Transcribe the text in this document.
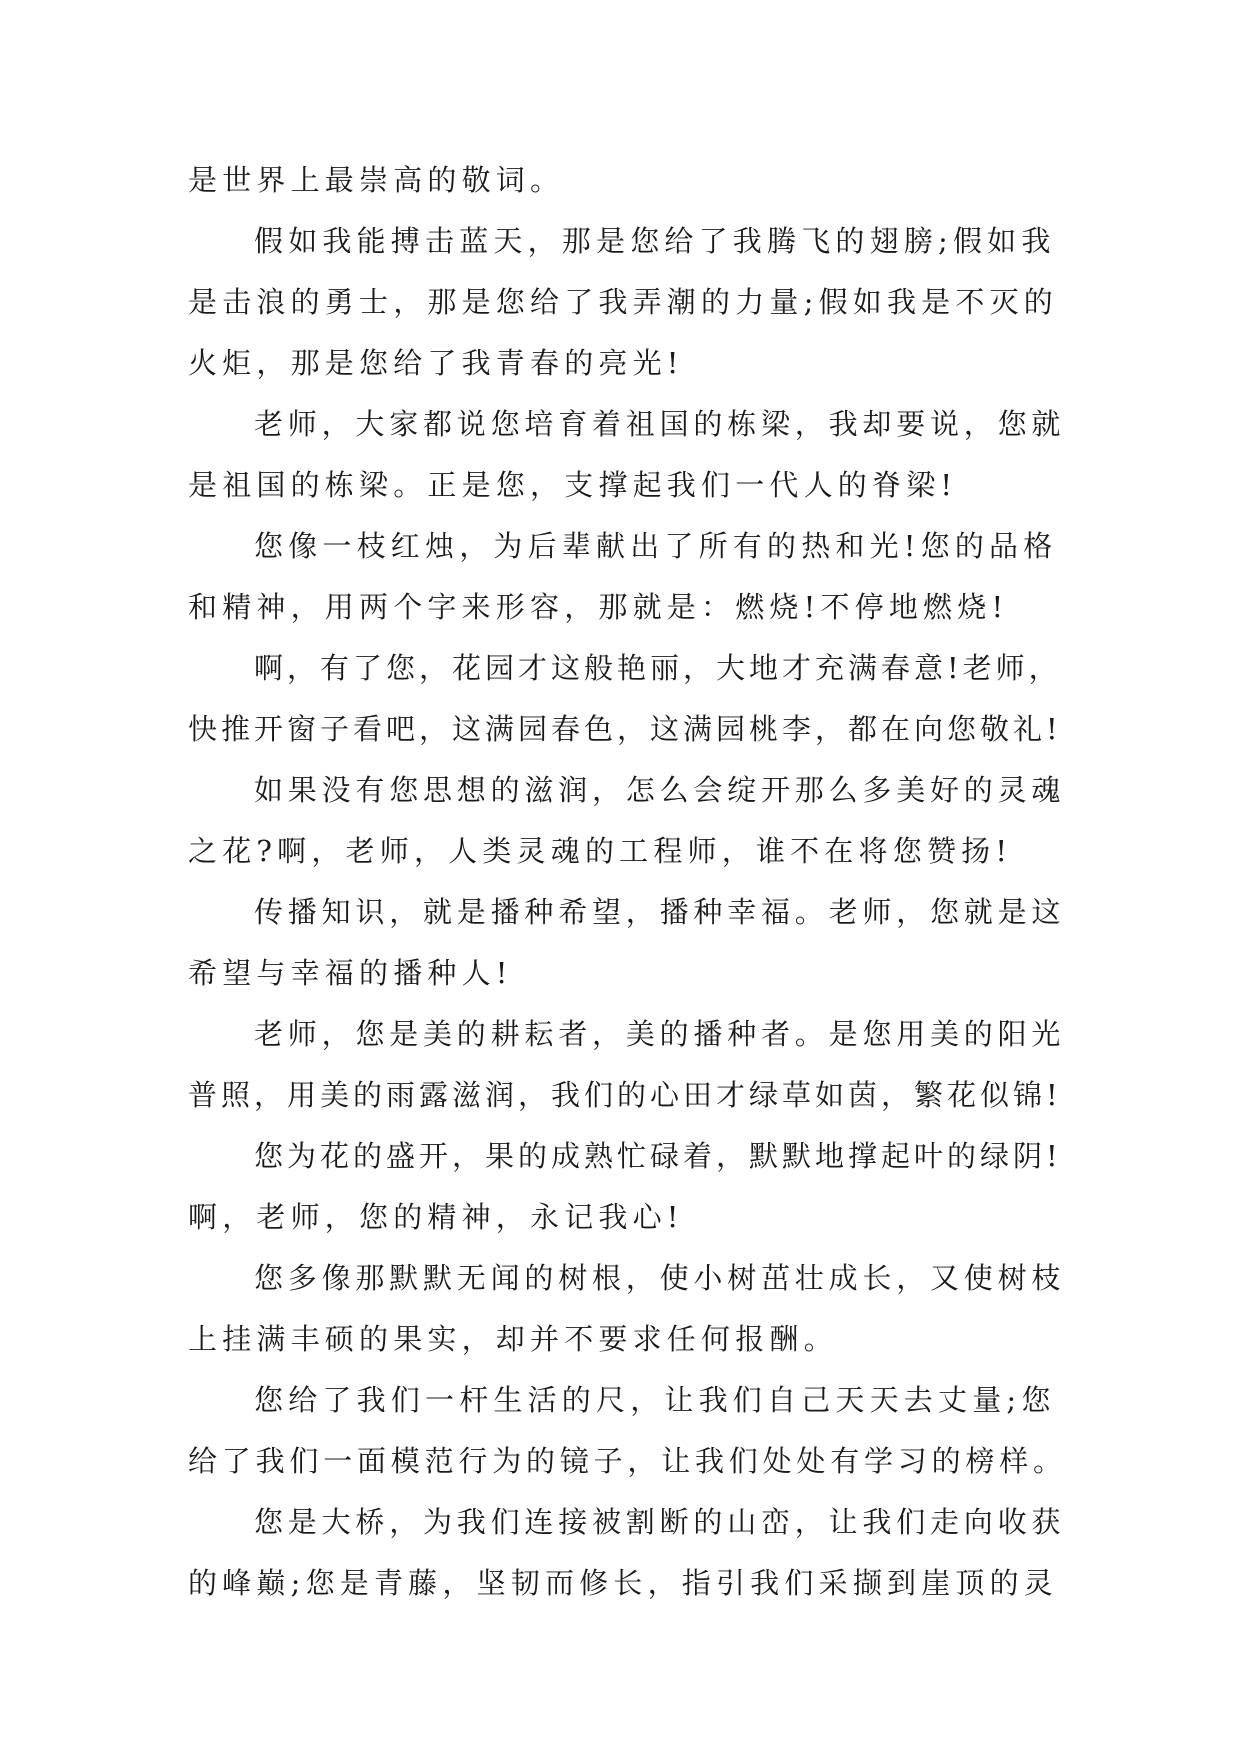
是世界上最崇高的敬词。
假如我能搏击蓝天，那是您给了我腾飞的翅膀;假如我
是击浪的勇士，那是您给了我弄潮的力量;假如我是不灭的
火炬，那是您给了我青春的亮光!
老师，大家都说您培育着祖国的栋梁，我却要说，您就
是祖国的栋梁。正是您，支撑起我们一代人的脊梁!
您像一枝红烛，为后辈献出了所有的热和光!您的品格
和精神，用两个字来形容，那就是：燃烧!不停地燃烧!
啊，有了您，花园才这般艳丽，大地才充满春意!老师，
快推开窗子看吧，这满园春色，这满园桃李，都在向您敬礼!
如果没有您思想的滋润，怎么会绽开那么多美好的灵魂
之花?啊，老师，人类灵魂的工程师，谁不在将您赞扬!
传播知识，就是播种希望，播种幸福。老师，您就是这
希望与幸福的播种人!
老师，您是美的耕耘者，美的播种者。是您用美的阳光
普照，用美的雨露滋润，我们的心田才绿草如茵，繁花似锦!
您为花的盛开，果的成熟忙碌着，默默地撑起叶的绿阴!
啊，老师，您的精神，永记我心!
您多像那默默无闻的树根，使小树茁壮成长，又使树枝
上挂满丰硕的果实，却并不要求任何报酬。
您给了我们一杆生活的尺，让我们自己天天去丈量;您
给了我们一面模范行为的镜子，让我们处处有学习的榜样。
您是大桥，为我们连接被割断的山峦，让我们走向收获
的峰巅;您是青藤，坚韧而修长，指引我们采撷到崖顶的灵
